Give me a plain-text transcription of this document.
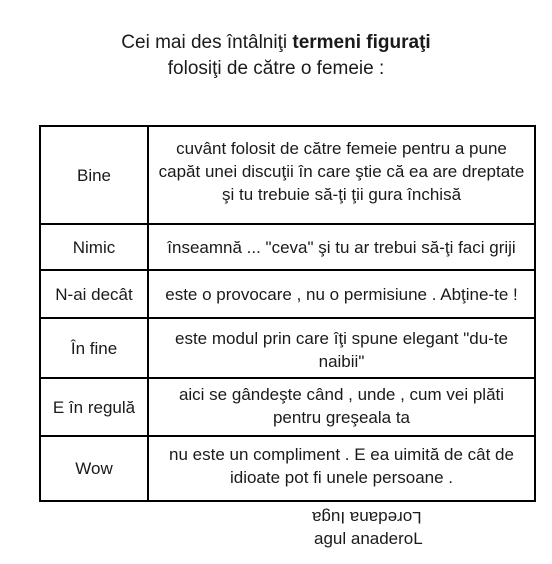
Cei mai des întâlniţi termeni figuraţi
folosiţi de către o femeie :
Bine	cuvânt folosit de către femeie pentru a pune capăt unei discuţii în care ştie că ea are dreptate şi tu trebuie să-ţi ţii gura închisă
Nimic	înseamnă ... "ceva" şi tu ar trebui să-ţi faci griji
N-ai decât	este o provocare , nu o permisiune . Abţine-te !
În fine	este modul prin care îţi spune elegant "du-te naibii"
E în regulă	aici se gândeşte când , unde , cum vei plăti pentru greşeala ta
Wow	nu este un compliment . E ea uimită de cât de idioate pot fi unele persoane .
Loredana Iuga
agul anaderoL
